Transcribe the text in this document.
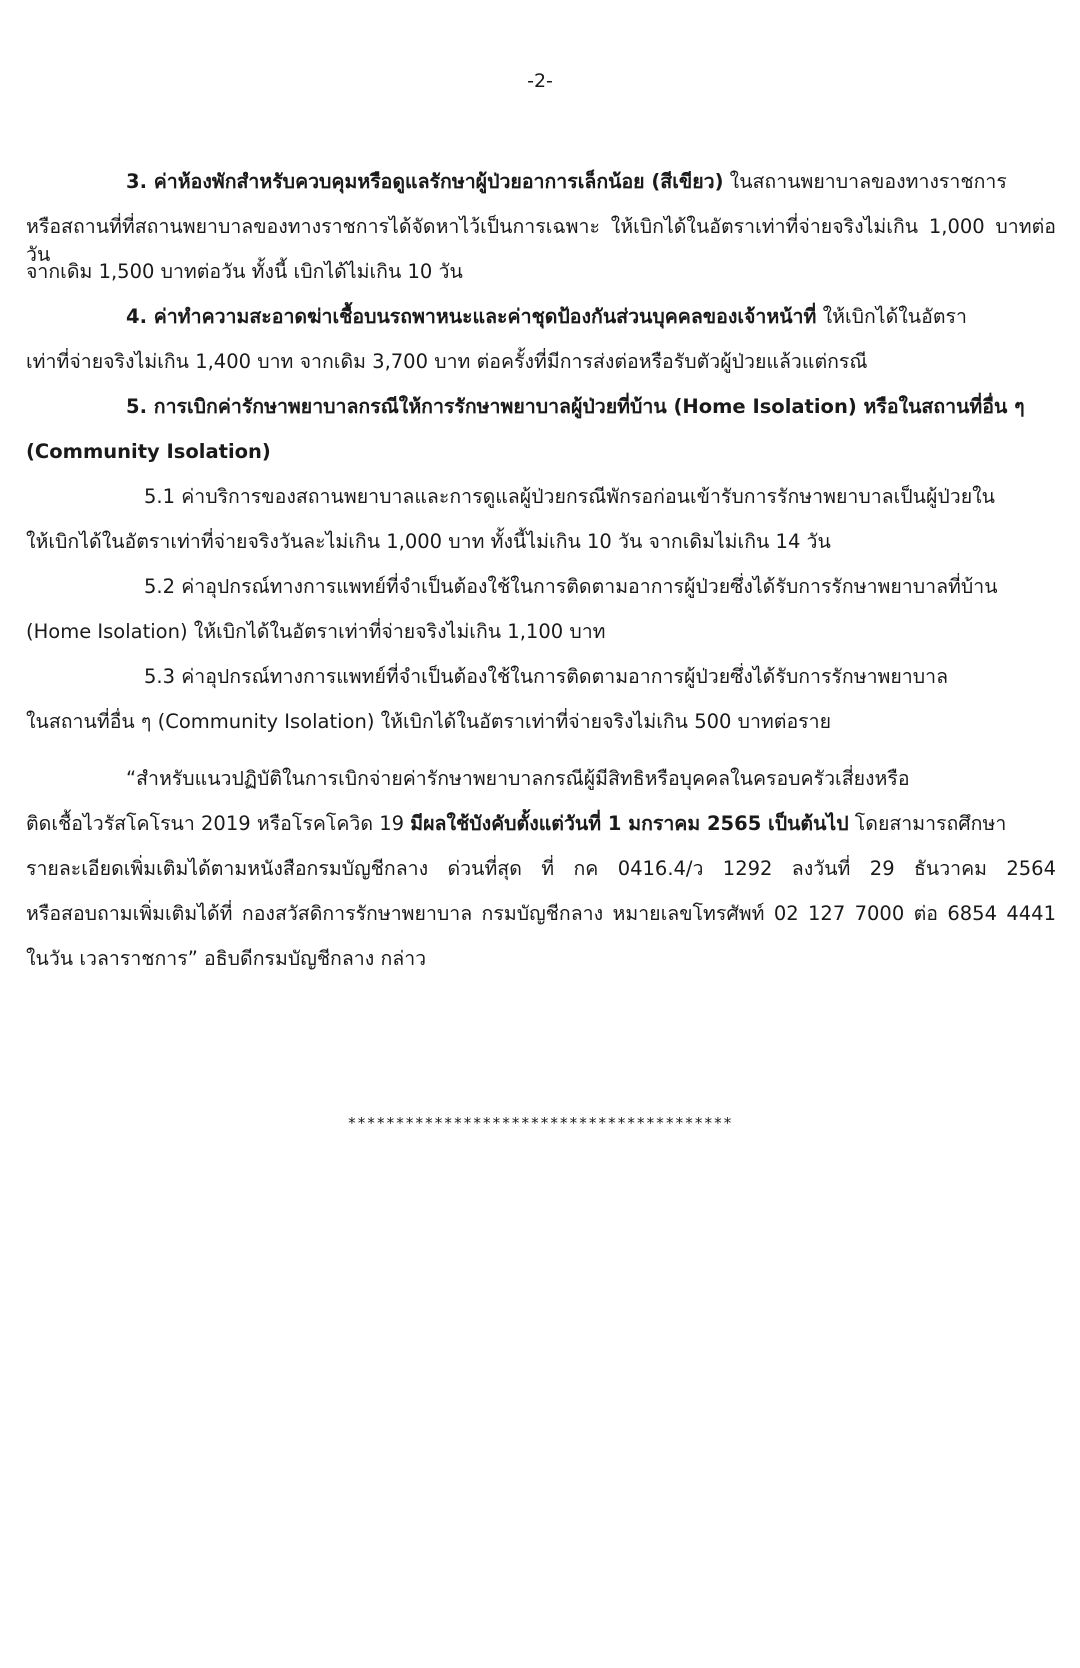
-2-
3. ค่าห้องพักสำหรับควบคุมหรือดูแลรักษาผู้ป่วยอาการเล็กน้อย (สีเขียว) ในสถานพยาบาลของทางราชการ
หรือสถานที่ที่สถานพยาบาลของทางราชการได้จัดหาไว้เป็นการเฉพาะ ให้เบิกได้ในอัตราเท่าที่จ่ายจริงไม่เกิน 1,000 บาทต่อวัน
จากเดิม 1,500 บาทต่อวัน ทั้งนี้ เบิกได้ไม่เกิน 10 วัน
4. ค่าทำความสะอาดฆ่าเชื้อบนรถพาหนะและค่าชุดป้องกันส่วนบุคคลของเจ้าหน้าที่ ให้เบิกได้ในอัตรา
เท่าที่จ่ายจริงไม่เกิน 1,400 บาท จากเดิม 3,700 บาท ต่อครั้งที่มีการส่งต่อหรือรับตัวผู้ป่วยแล้วแต่กรณี
5. การเบิกค่ารักษาพยาบาลกรณีให้การรักษาพยาบาลผู้ป่วยที่บ้าน (Home Isolation) หรือในสถานที่อื่น ๆ
(Community Isolation)
5.1 ค่าบริการของสถานพยาบาลและการดูแลผู้ป่วยกรณีพักรอก่อนเข้ารับการรักษาพยาบาลเป็นผู้ป่วยใน
ให้เบิกได้ในอัตราเท่าที่จ่ายจริงวันละไม่เกิน 1,000 บาท ทั้งนี้ไม่เกิน 10 วัน จากเดิมไม่เกิน 14 วัน
5.2 ค่าอุปกรณ์ทางการแพทย์ที่จำเป็นต้องใช้ในการติดตามอาการผู้ป่วยซึ่งได้รับการรักษาพยาบาลที่บ้าน
(Home Isolation) ให้เบิกได้ในอัตราเท่าที่จ่ายจริงไม่เกิน 1,100 บาท
5.3 ค่าอุปกรณ์ทางการแพทย์ที่จำเป็นต้องใช้ในการติดตามอาการผู้ป่วยซึ่งได้รับการรักษาพยาบาล
ในสถานที่อื่น ๆ (Community Isolation) ให้เบิกได้ในอัตราเท่าที่จ่ายจริงไม่เกิน 500 บาทต่อราย
“สำหรับแนวปฏิบัติในการเบิกจ่ายค่ารักษาพยาบาลกรณีผู้มีสิทธิหรือบุคคลในครอบครัวเสี่ยงหรือ
ติดเชื้อไวรัสโคโรนา 2019 หรือโรคโควิด 19 มีผลใช้บังคับตั้งแต่วันที่ 1 มกราคม 2565 เป็นต้นไป โดยสามารถศึกษา
รายละเอียดเพิ่มเติมได้ตามหนังสือกรมบัญชีกลาง ด่วนที่สุด ที่ กค 0416.4/ว 1292 ลงวันที่ 29 ธันวาคม 2564
หรือสอบถามเพิ่มเติมได้ที่ กองสวัสดิการรักษาพยาบาล กรมบัญชีกลาง หมายเลขโทรศัพท์ 02 127 7000 ต่อ 6854 4441
ในวัน เวลาราชการ” อธิบดีกรมบัญชีกลาง กล่าว
****************************************
